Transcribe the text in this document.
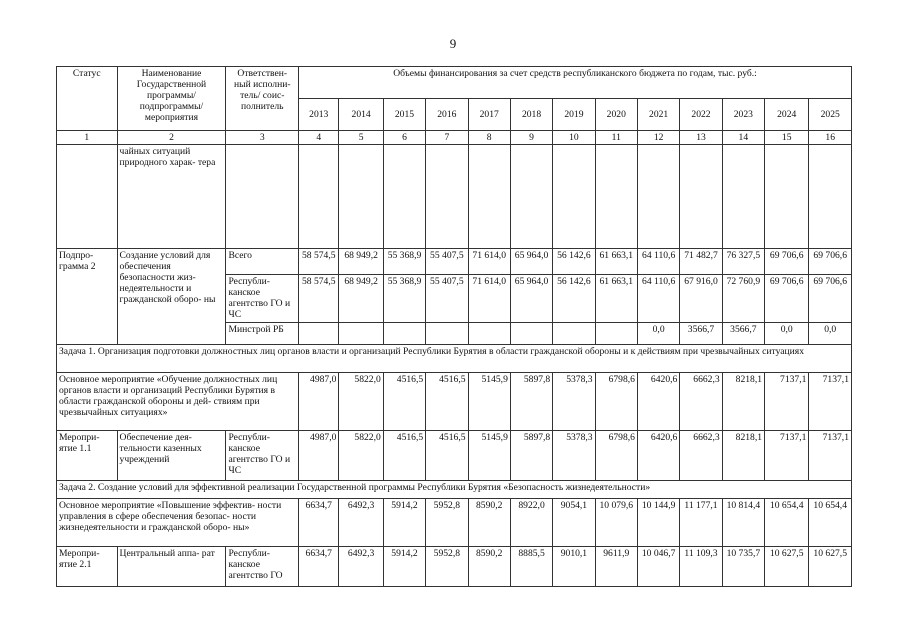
9
Статус	Наименование Государственной программы/ подпрограммы/ мероприятия	Ответствен- ный исполни- тель/ соис- полнитель	Объемы финансирования за счет средств республиканского бюджета по годам, тыс. руб.:												
			2013	2014	2015	2016	2017	2018	2019	2020	2021	2022	2023	2024	2025
1	2	3	4	5	6	7	8	9	10	11	12	13	14	15	16
	чайных ситуаций природного харак- тера														
Подпро- грамма 2	Создание условий для обеспечения безопасности жиз- недеятельности и гражданской оборо- ны	Всего	58 574,5	68 949,2	55 368,9	55 407,5	71 614,0	65 964,0	56 142,6	61 663,1	64 110,6	71 482,7	76 327,5	69 706,6	69 706,6
		Республи- канское агентство ГО и ЧС	58 574,5	68 949,2	55 368,9	55 407,5	71 614,0	65 964,0	56 142,6	61 663,1	64 110,6	67 916,0	72 760,9	69 706,6	69 706,6
		Минстрой РБ									0,0	3566,7	3566,7	0,0	0,0
Задача 1. Организация подготовки должностных лиц органов власти и организаций Республики Бурятия в области гражданской обороны и к действиям при чрезвычайных ситуациях															
Основное мероприятие «Обучение должностных лиц органов власти и организаций Республики Бурятия в области гражданской обороны и дей- ствиям при чрезвычайных ситуациях»			4987,0	5822,0	4516,5	4516,5	5145,9	5897,8	5378,3	6798,6	6420,6	6662,3	8218,1	7137,1	7137,1
Меропри- ятие 1.1	Обеспечение дея- тельности казенных учреждений	Республи- канское агентство ГО и ЧС	4987,0	5822,0	4516,5	4516,5	5145,9	5897,8	5378,3	6798,6	6420,6	6662,3	8218,1	7137,1	7137,1
Задача 2. Создание условий для эффективной реализации Государственной программы Республики Бурятия «Безопасность жизнедеятельности»															
Основное мероприятие «Повышение эффектив- ности управления в сфере обеспечения безопас- ности жизнедеятельности и гражданской оборо- ны»			6634,7	6492,3	5914,2	5952,8	8590,2	8922,0	9054,1	10 079,6	10 144,9	11 177,1	10 814,4	10 654,4	10 654,4
Меропри- ятие 2.1	Центральный аппа- рат	Республи- канское агентство ГО	6634,7	6492,3	5914,2	5952,8	8590,2	8885,5	9010,1	9611,9	10 046,7	11 109,3	10 735,7	10 627,5	10 627,5
